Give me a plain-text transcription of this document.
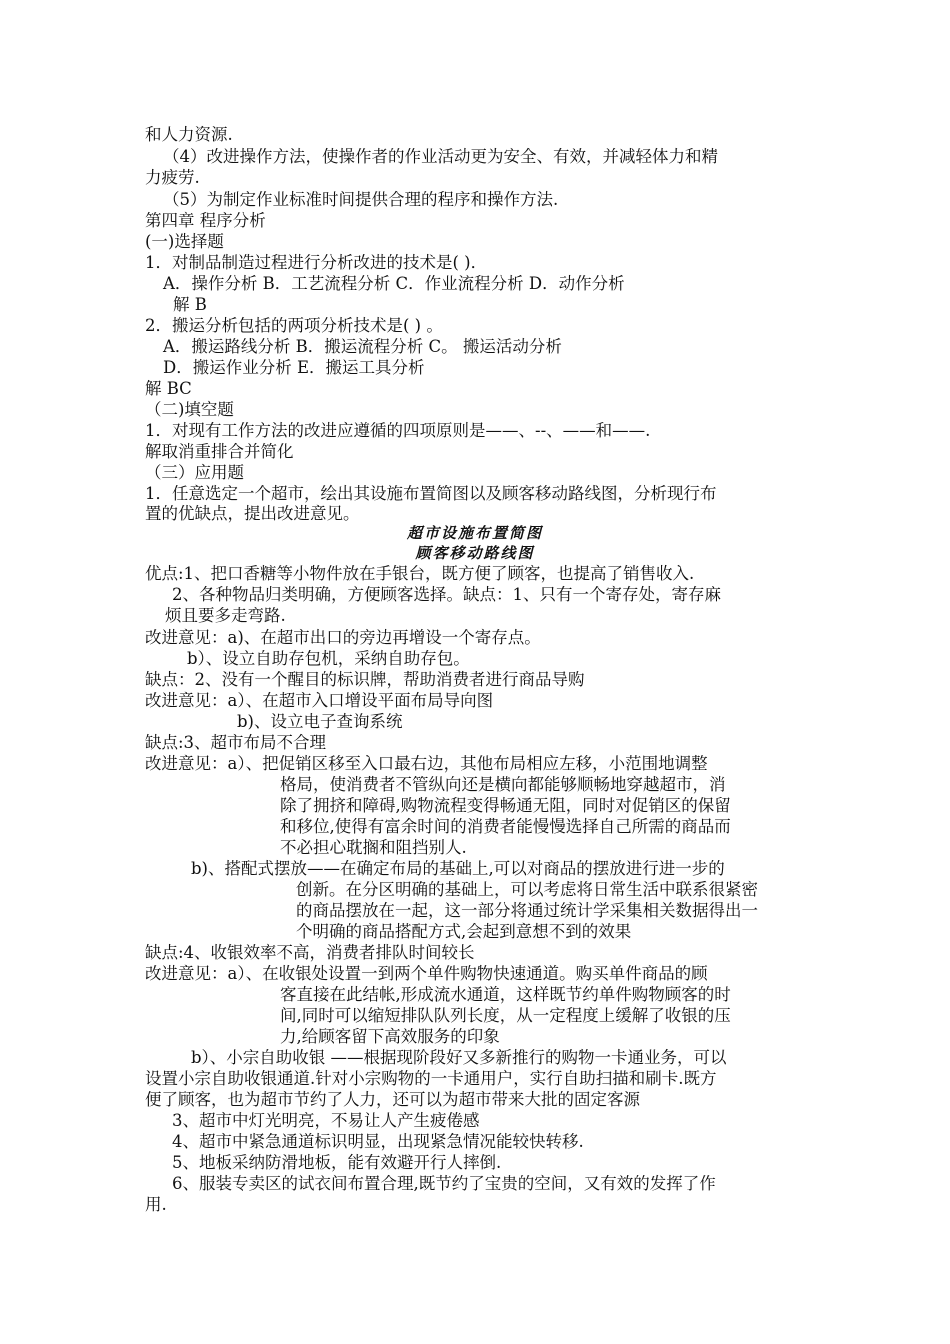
和人力资源.
（4）改进操作方法，使操作者的作业活动更为安全、有效，并减轻体力和精
力疲劳.
（5）为制定作业标准时间提供合理的程序和操作方法.
第四章 程序分析
(一)选择题
1．对制品制造过程进行分析改进的技术是( )．
A．操作分析 B．工艺流程分析 C．作业流程分析 D．动作分析
解 B
2．搬运分析包括的两项分析技术是( ) 。
A．搬运路线分析 B．搬运流程分析 C。 搬运活动分析
D．搬运作业分析 E．搬运工具分析
解 BC
（二)填空题
1．对现有工作方法的改进应遵循的四项原则是——、--、——和——.
解取消重排合并简化
（三）应用题
1．任意选定一个超市，绘出其设施布置简图以及顾客移动路线图，分析现行布
置的优缺点，提出改进意见。
超市设施布置简图
顾客移动路线图
优点:1、把口香糖等小物件放在手银台，既方便了顾客，也提高了销售收入.
2、各种物品归类明确，方便顾客选择。缺点：1、只有一个寄存处，寄存麻
烦且要多走弯路.
改进意见：a)、在超市出口的旁边再增设一个寄存点。
b）、设立自助存包机，采纳自助存包。
缺点：2、没有一个醒目的标识牌，帮助消费者进行商品导购
改进意见：a）、在超市入口增设平面布局导向图
b)、设立电子查询系统
缺点:3、超市布局不合理
改进意见：a）、把促销区移至入口最右边，其他布局相应左移，小范围地调整
格局，使消费者不管纵向还是横向都能够顺畅地穿越超市，消
除了拥挤和障碍,购物流程变得畅通无阻，同时对促销区的保留
和移位,使得有富余时间的消费者能慢慢选择自己所需的商品而
不必担心耽搁和阻挡别人.
b)、搭配式摆放——在确定布局的基础上,可以对商品的摆放进行进一步的
创新。在分区明确的基础上，可以考虑将日常生活中联系很紧密
的商品摆放在一起，这一部分将通过统计学采集相关数据得出一
个明确的商品搭配方式,会起到意想不到的效果
缺点:4、收银效率不高，消费者排队时间较长
改进意见：a）、在收银处设置一到两个单件购物快速通道。购买单件商品的顾
客直接在此结帐,形成流水通道，这样既节约单件购物顾客的时
间,同时可以缩短排队队列长度，从一定程度上缓解了收银的压
力,给顾客留下高效服务的印象
b）、小宗自助收银 ——根据现阶段好又多新推行的购物一卡通业务，可以
设置小宗自助收银通道.针对小宗购物的一卡通用户，实行自助扫描和刷卡.既方
便了顾客，也为超市节约了人力，还可以为超市带来大批的固定客源
3、超市中灯光明亮，不易让人产生疲倦感
4、超市中紧急通道标识明显，出现紧急情况能较快转移.
5、地板采纳防滑地板，能有效避开行人摔倒.
6、服装专卖区的试衣间布置合理,既节约了宝贵的空间，又有效的发挥了作
用.
